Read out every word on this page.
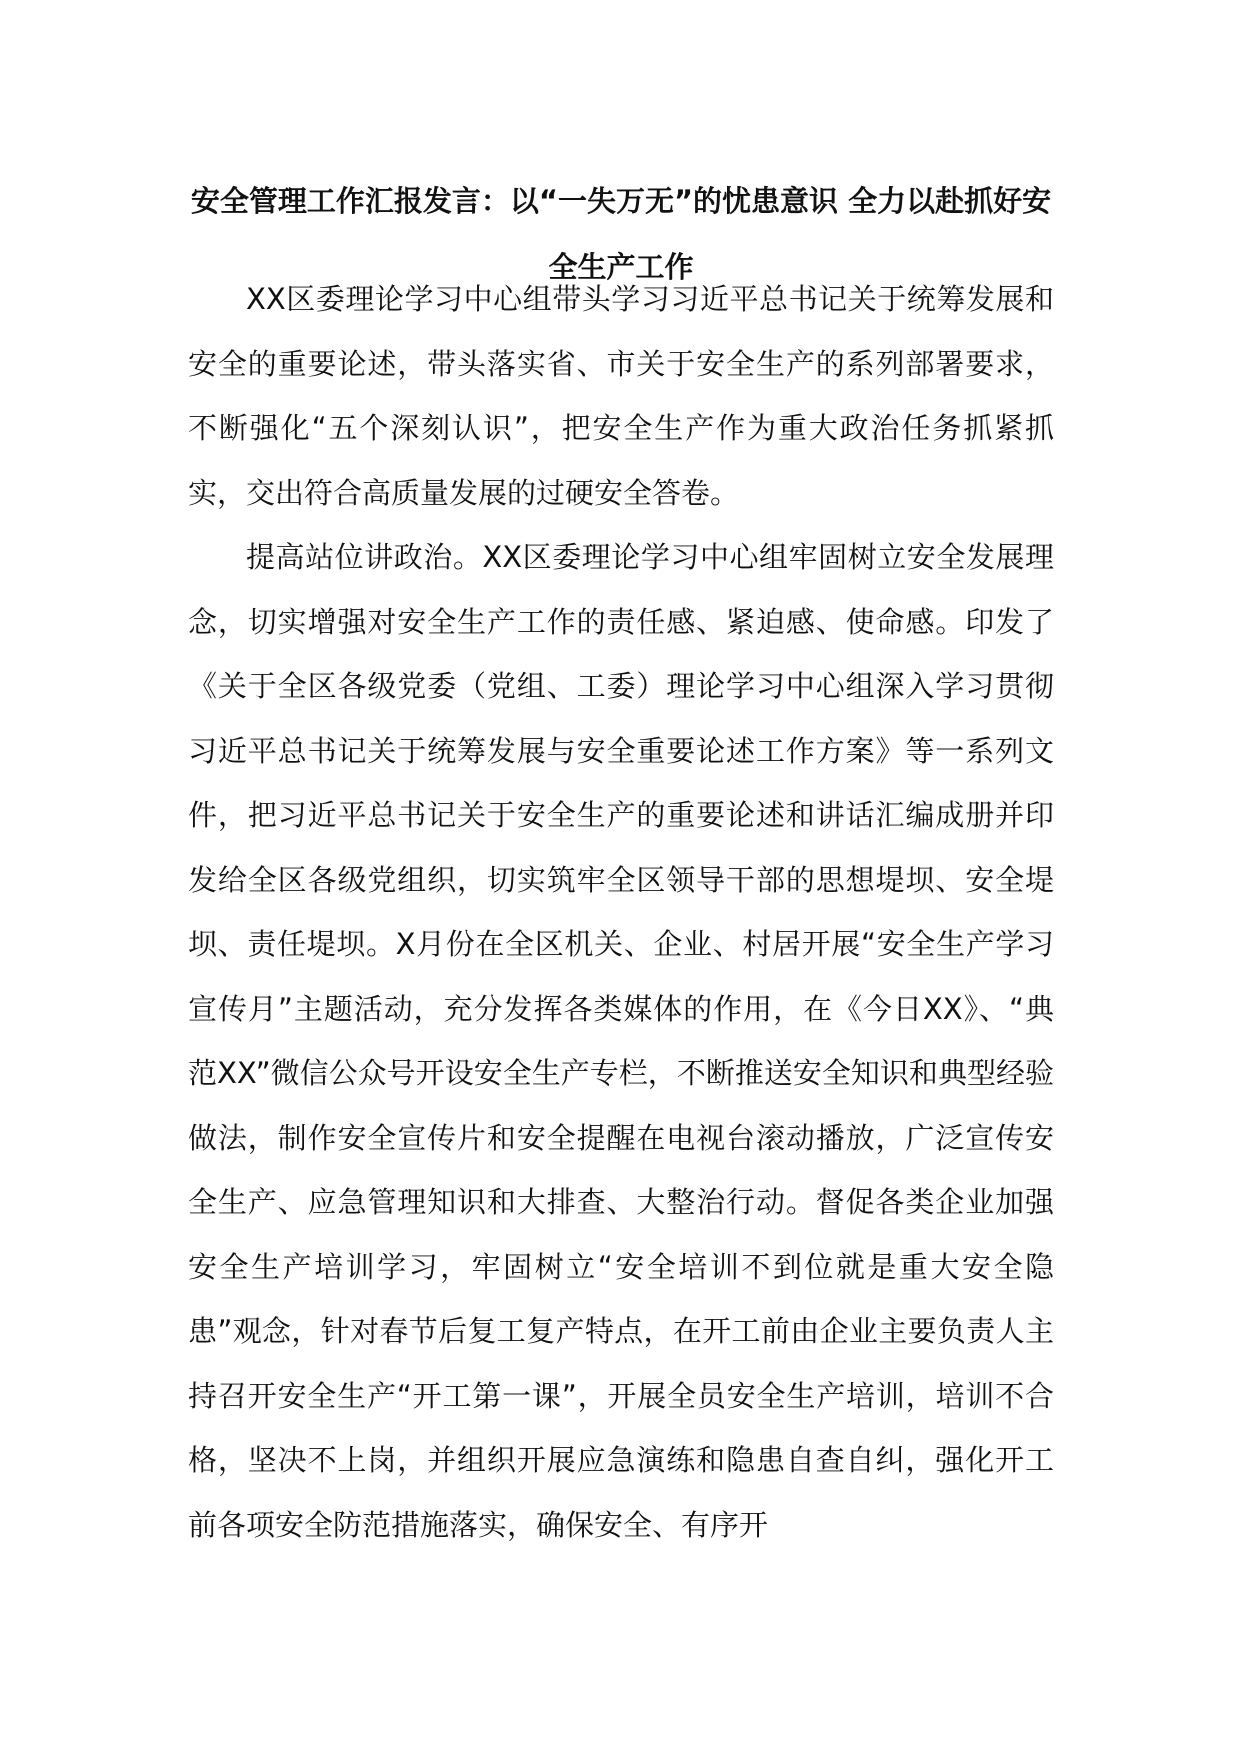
安全管理工作汇报发言：以“一失万无”的忧患意识 全力以赴抓好安全生产工作

XX区委理论学习中心组带头学习习近平总书记关于统筹发展和安全的重要论述，带头落实省、市关于安全生产的系列部署要求，不断强化“五个深刻认识”，把安全生产作为重大政治任务抓紧抓实，交出符合高质量发展的过硬安全答卷。

提高站位讲政治。XX区委理论学习中心组牢固树立安全发展理念，切实增强对安全生产工作的责任感、紧迫感、使命感。印发了《关于全区各级党委（党组、工委）理论学习中心组深入学习贯彻习近平总书记关于统筹发展与安全重要论述工作方案》等一系列文件，把习近平总书记关于安全生产的重要论述和讲话汇编成册并印发给全区各级党组织，切实筑牢全区领导干部的思想堤坝、安全堤坝、责任堤坝。X月份在全区机关、企业、村居开展“安全生产学习宣传月”主题活动，充分发挥各类媒体的作用，在《今日XX》、“典范XX”微信公众号开设安全生产专栏，不断推送安全知识和典型经验做法，制作安全宣传片和安全提醒在电视台滚动播放，广泛宣传安全生产、应急管理知识和大排查、大整治行动。督促各类企业加强安全生产培训学习，牢固树立“安全培训不到位就是重大安全隐患”观念，针对春节后复工复产特点，在开工前由企业主要负责人主持召开安全生产“开工第一课”，开展全员安全生产培训，培训不合格，坚决不上岗，并组织开展应急演练和隐患自查自纠，强化开工前各项安全防范措施落实，确保安全、有序开
